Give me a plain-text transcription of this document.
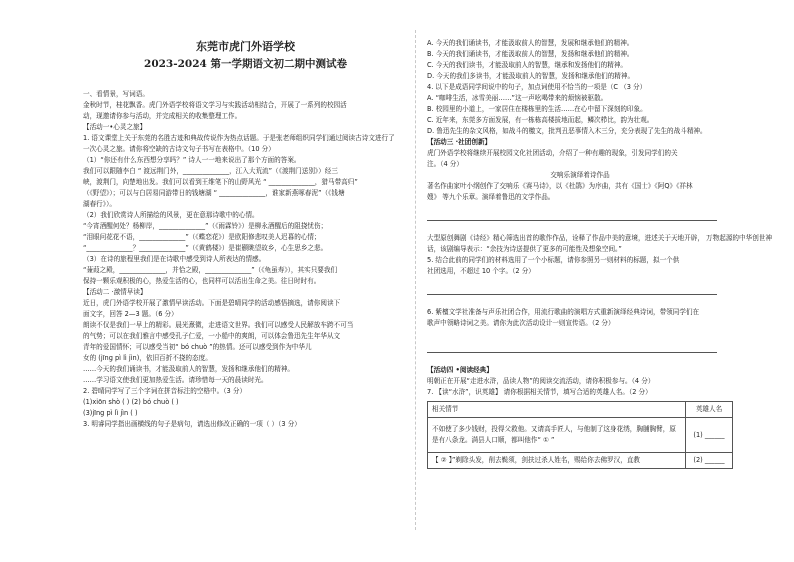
东莞市虎门外语学校
2023-2024 第一学期语文初二期中测试卷
一、看情景，写词语。
金秋时节，桂花飘香。虎门外语学校将语文学习与实践活动相结合，开展了一系列的校园活
动，现邀请你参与活动，并完成相关的收集整理工作。
【活动一•心灵之旅】
1. 语文课堂上关于东莞的名胜古迹和典故传说作为热点话题。于是张老师组织同学们通过阅读古诗文进行了
一次心灵之旅。请你将空缺的古诗文句子书写在表格中。（10 分）
（1）“你还有什么东西想分享吗？” 诗人一一地来说出了那个方面的答案。
我们可以跟随李白 “ 渡远荆门外，______________，江入大荒流”（《渡荆门送别》）经三
峡，渡荆门，向楚地出发。我们可以看到王维笔下的山野风光 “ ______________，猎马带高归”
（《野望》）；可以与白居易同游带日的钱塘湖 “ ______________，谁家新燕啄春泥”（《钱塘
湖春行》）。
（2）我们欣赏诗人所描绘的风景，更在意那诗歌中的心情。
“今宵酒醒何处？杨柳岸，______________”（《雨霖铃》）是柳永酒醒后的阻挠忧伤；
“泪眼问花花不语，______________”（《蝶恋花》）是欧阳修悲叹美人迟暮的心情；
“______________？______________”（《黄鹤楼》）是崔颢眺望故乡，心生思乡之悲。
（3）在诗的旅程里我们是在诗歌中感受到诗人所表达的情感。
“蒹葭之殿，______________，并恰之殿，______________”（《龟虽寿》），其实只要我们
保持一颗乐观积极的心，热爱生活的心，也同样可以活出生命之美。往日时时有。
【活动二 ·激情早读】
近日，虎门外语学校开展了激情早读活动。下面是碧晴同学的活动感悟摘选，请你阅读下
面文字，回答 2—3 题。（6 分）
朗读不仅是我们一早上的精彩。晨光熹微，走进语文世界。我们可以感受人民解放车跨不可当
的气势；可以在我们雅言中感受孔子仁爱，一小船中的爽朗，可以体会鲁迅先生年华从文
青年的爱国情怀；可以感受当初“ bó chuò ”的热情。还可以感受到作为中华儿
女的 (jīng pì lì jìn)，依旧百折不挠的态度。
……今天的我们诵读书，才能汲取前人的智慧，发扬和继承他们的精神。
……学习语文使我们更加热爱生活。请珍惜每一天的晨读时光。
2. 碧晴同学写了三个字词在拼音标注的空格中。（3 分）
(1)xiōn shò ( ) (2) bó chuò ( )
(3)jīng pì lì jìn ( )
3. 明睿同学指出画横线的句子是病句，请选出修改正确的一项（ ）（3 分）
A. 今天的我们诵读书，才能汲取前人的智慧，发展和继承他们的精神。
B. 今天的我们诵读书，才能汲取前人的智慧，发扬和继承他们的精神。
C. 今天的我们读书，才能汲取前人的智慧，继承和发扬他们的精神。
D. 今天的我们多读书，才能汲取前人的智慧，发扬和继承他们的精神。
4. 以下是成语同学间说中的句子，加点词使用不恰当的一项是（C （3 分）
A. “咖啡生活，冰雪美丽……”这一声吆喝带来的烦恼被驱散。
B. 校园里的小道上，一家居住在楼栋里的生活……在心中留下深刻的印象。
C. 近年来，东莞多方面发展，有一栋栋高楼拔地而起，鳞次栉比，韵为壮观。
D. 鲁迅先生的杂文风格，如战斗的檄文，批判丑恶事情入木三分，充分表现了先生的战斗精神。
【活动三 ·社团创新】
虎门外语学校将继续开展校园文化社团活动，介绍了一种有趣的现象，引发同学们的关
注。（4 分）
交响乐演绎着诗作品
著名作曲家叶小纲创作了交响乐《赛马诗》，以《杜鹃》为序曲，共有《国士》《阿Q》《祥林
嫂》 等九个乐章。演绎着鲁迅的文学作品。
大型原创舞剧《诗经》精心筛选出首的歌作作品，诠释了作品中美的意境，进述关于天地开辟， 万物起源的中华创世神
话，该剧编导表示：“余技为诗送提供了更多的可能性及想象空间。”
5. 结合此前的同学们的材料选用了一个小标题，请你参照另一则材料的标题，拟一个供
社团选用，不超过 10 个字。（2 分）
6. 紫檀文学社准备与声乐社团合作，用流行歌曲的演唱方式重新演绎经典诗词，带领同学们在
歌声中领略诗词之美。请你为此次活动设计一则宣传语。（2 分）
【活动四 •阅读经典】
明朝正在开展“走进水浒，品读人物”的阅读交流活动，请你积极参与。（4 分）
7. 【读“水浒”，识英雄】 请你根据相关情节，填写合适的英雄人名。（2 分）
相关情节	英雄人名
不如使了多少钱财，投得父救他。又请高手匠人，与他制了这身花绣，胸脯胸臂，原是有八条龙。满县人口顺，都叫他作“ ① ”	(1) ______
【 ② 】”剃除头发，削去鬓须，剑扶过杀人姓名，赐给你去佛罗汉，直教	(2) ______
